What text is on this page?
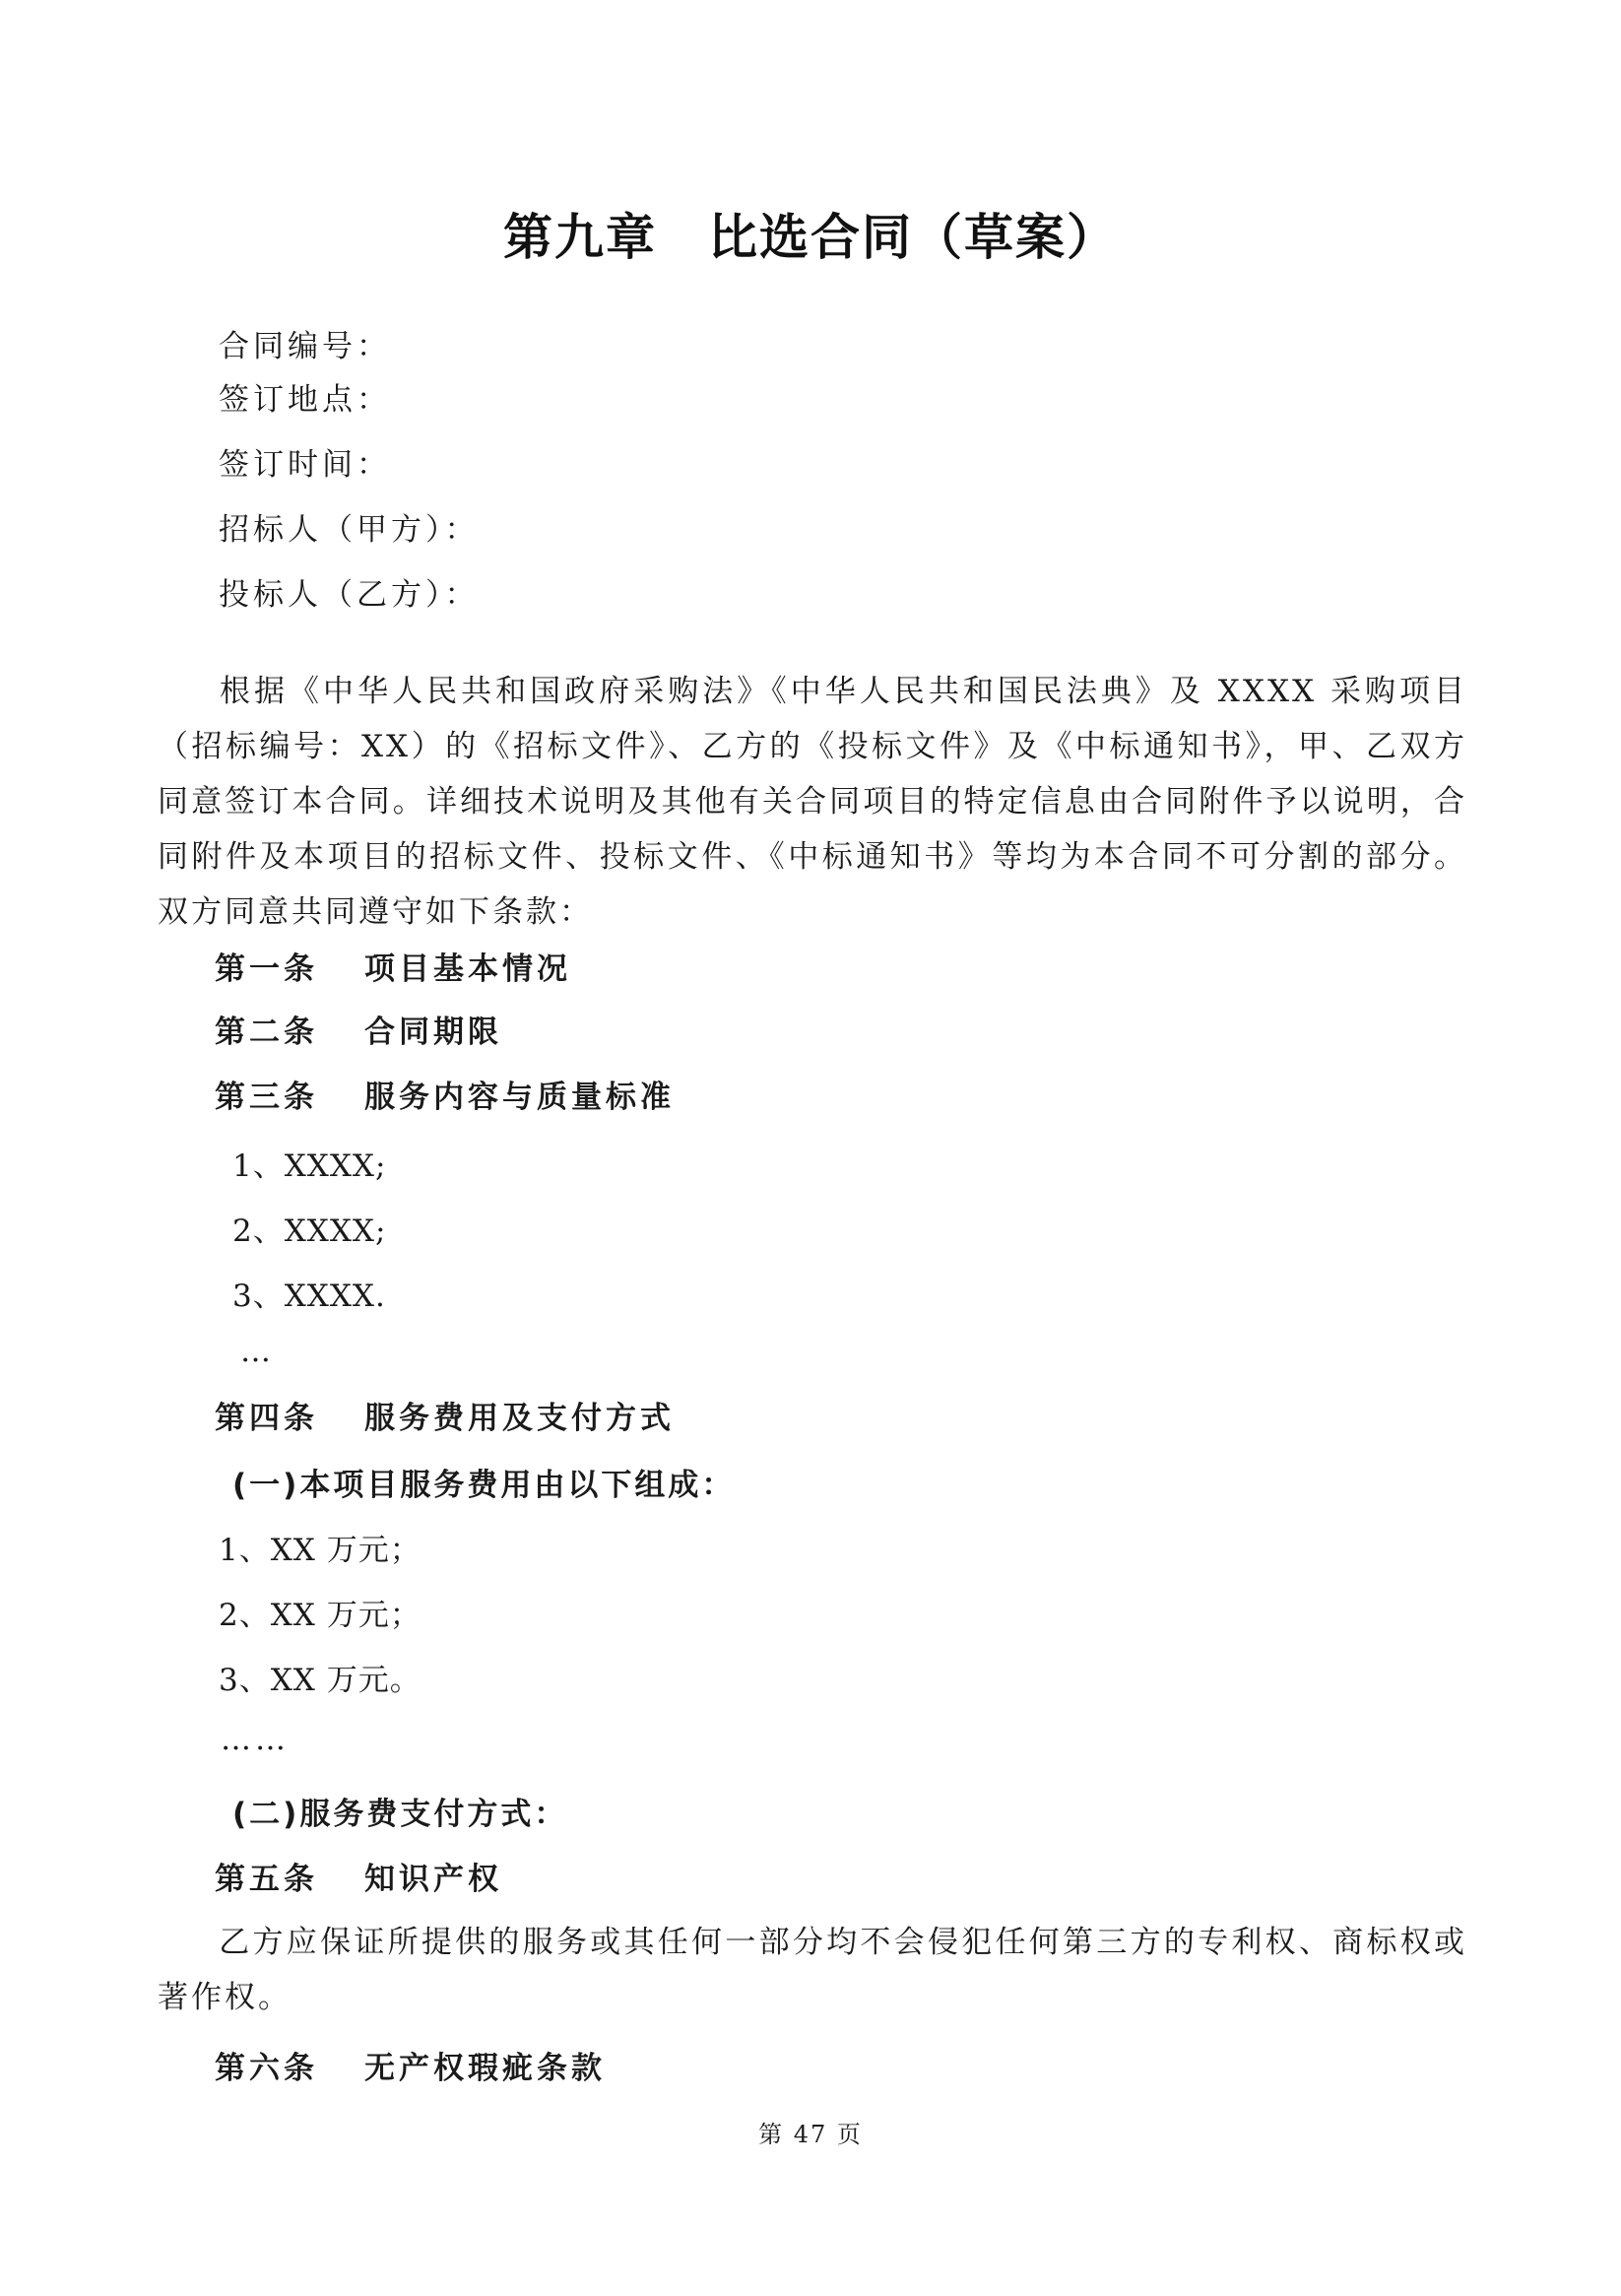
第九章　比选合同（草案）
合同编号：
签订地点：
签订时间：
招标人（甲方）：
投标人（乙方）：
根据《中华人民共和国政府采购法》《中华人民共和国民法典》及 XXXX 采购项目（招标编号：XX）的《招标文件》、乙方的《投标文件》及《中标通知书》，甲、乙双方同意签订本合同。详细技术说明及其他有关合同项目的特定信息由合同附件予以说明，合同附件及本项目的招标文件、投标文件、《中标通知书》等均为本合同不可分割的部分。双方同意共同遵守如下条款：
第一条 项目基本情况
第二条 合同期限
第三条 服务内容与质量标准
1、XXXX;
2、XXXX;
3、XXXX.
…
第四条 服务费用及支付方式
(一)本项目服务费用由以下组成：
1、XX 万元；
2、XX 万元；
3、XX 万元。
……
(二)服务费支付方式：
第五条 知识产权
乙方应保证所提供的服务或其任何一部分均不会侵犯任何第三方的专利权、商标权或著作权。
第六条 无产权瑕疵条款
第 47 页
